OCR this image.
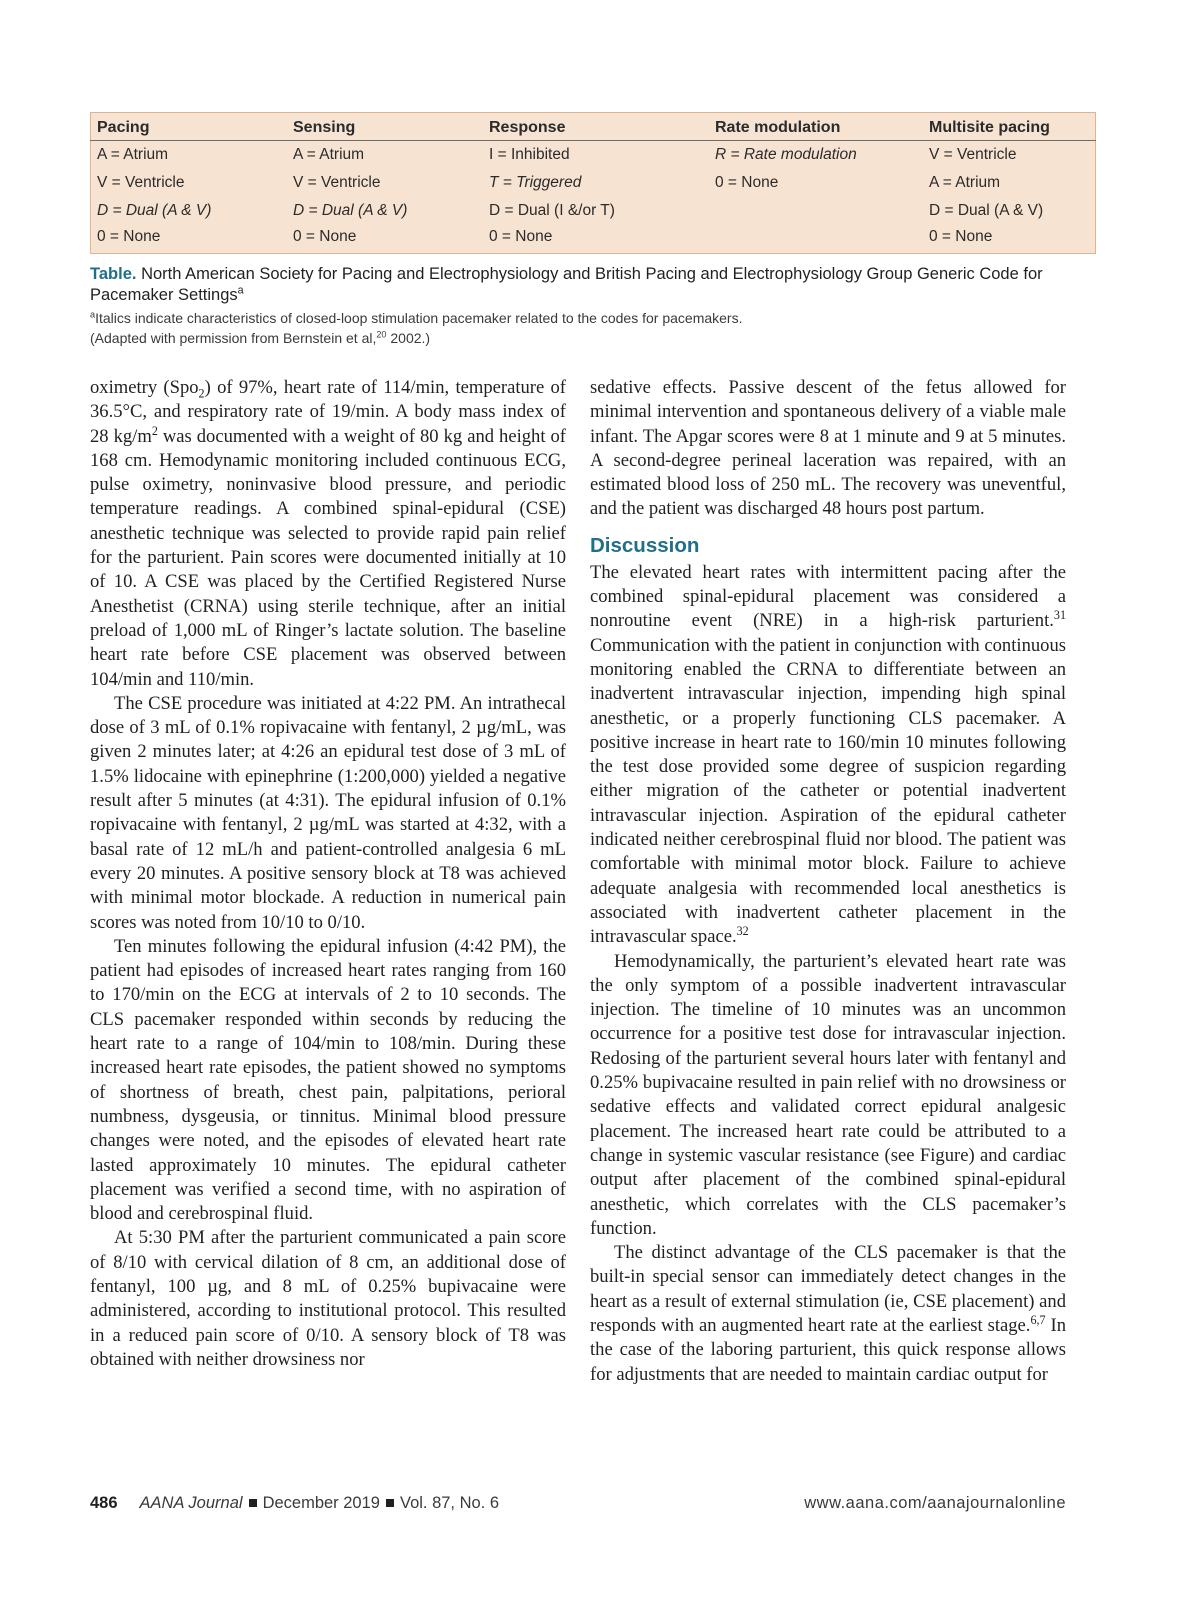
Pacing	Sensing	Response	Rate modulation	Multisite pacing
A = Atrium	A = Atrium	I = Inhibited	R = Rate modulation	V = Ventricle
V = Ventricle	V = Ventricle	T = Triggered	0 = None	A = Atrium
D = Dual (A & V)	D = Dual (A & V)	D = Dual (I &/or T)		D = Dual (A & V)
0 = None	0 = None	0 = None		0 = None
Table. North American Society for Pacing and Electrophysiology and British Pacing and Electrophysiology Group Generic Code for Pacemaker Settings$^a$
$^a$Italics indicate characteristics of closed-loop stimulation pacemaker related to the codes for pacemakers.
(Adapted with permission from Bernstein et al,$^{20}$ 2002.)

oximetry (Spo$_2$) of 97%, heart rate of 114/min, temperature of 36.5°C, and respiratory rate of 19/min. A body mass index of 28 $kg/m^2$ was documented with a weight of 80 kg and height of 168 cm. Hemodynamic monitoring included continuous ECG, pulse oximetry, noninvasive blood pressure, and periodic temperature readings. A combined spinal-epidural (CSE) anesthetic technique was selected to provide rapid pain relief for the parturient. Pain scores were documented initially at 10 of 10. A CSE was placed by the Certified Registered Nurse Anesthetist (CRNA) using sterile technique, after an initial preload of 1,000 mL of Ringer’s lactate solution. The baseline heart rate before CSE placement was observed between 104/min and 110/min.

The CSE procedure was initiated at 4:22 PM. An intrathecal dose of 3 mL of 0.1% ropivacaine with fentanyl, 2 µg/mL, was given 2 minutes later; at 4:26 an epidural test dose of 3 mL of 1.5% lidocaine with epinephrine (1:200,000) yielded a negative result after 5 minutes (at 4:31). The epidural infusion of 0.1% ropivacaine with fentanyl, 2 µg/mL was started at 4:32, with a basal rate of 12 mL/h and patient-controlled analgesia 6 mL every 20 minutes. A positive sensory block at T8 was achieved with minimal motor blockade. A reduction in numerical pain scores was noted from 10/10 to 0/10.

Ten minutes following the epidural infusion (4:42 PM), the patient had episodes of increased heart rates ranging from 160 to 170/min on the ECG at intervals of 2 to 10 seconds. The CLS pacemaker responded within seconds by reducing the heart rate to a range of 104/min to 108/min. During these increased heart rate episodes, the patient showed no symptoms of shortness of breath, chest pain, palpitations, perioral numbness, dysgeusia, or tinnitus. Minimal blood pressure changes were noted, and the episodes of elevated heart rate lasted approximately 10 minutes. The epidural catheter placement was verified a second time, with no aspiration of blood and cerebrospinal fluid.

At 5:30 PM after the parturient communicated a pain score of 8/10 with cervical dilation of 8 cm, an additional dose of fentanyl, 100 µg, and 8 mL of 0.25% bupivacaine were administered, according to institutional protocol. This resulted in a reduced pain score of 0/10. A sensory block of T8 was obtained with neither drowsiness nor

sedative effects. Passive descent of the fetus allowed for minimal intervention and spontaneous delivery of a viable male infant. The Apgar scores were 8 at 1 minute and 9 at 5 minutes. A second-degree perineal laceration was repaired, with an estimated blood loss of 250 mL. The recovery was uneventful, and the patient was discharged 48 hours post partum.

Discussion

The elevated heart rates with intermittent pacing after the combined spinal-epidural placement was considered a nonroutine event (NRE) in a high-risk parturient.$^{31}$ Communication with the patient in conjunction with continuous monitoring enabled the CRNA to differentiate between an inadvertent intravascular injection, impending high spinal anesthetic, or a properly functioning CLS pacemaker. A positive increase in heart rate to 160/min 10 minutes following the test dose provided some degree of suspicion regarding either migration of the catheter or potential inadvertent intravascular injection. Aspiration of the epidural catheter indicated neither cerebrospinal fluid nor blood. The patient was comfortable with minimal motor block. Failure to achieve adequate analgesia with recommended local anesthetics is associated with inadvertent catheter placement in the intravascular space.$^{32}$

Hemodynamically, the parturient’s elevated heart rate was the only symptom of a possible inadvertent intravascular injection. The timeline of 10 minutes was an uncommon occurrence for a positive test dose for intravascular injection. Redosing of the parturient several hours later with fentanyl and 0.25% bupivacaine resulted in pain relief with no drowsiness or sedative effects and validated correct epidural analgesic placement. The increased heart rate could be attributed to a change in systemic vascular resistance (see Figure) and cardiac output after placement of the combined spinal-epidural anesthetic, which correlates with the CLS pacemaker’s function.

The distinct advantage of the CLS pacemaker is that the built-in special sensor can immediately detect changes in the heart as a result of external stimulation (ie, CSE placement) and responds with an augmented heart rate at the earliest stage.$^{6,7}$ In the case of the laboring parturient, this quick response allows for adjustments that are needed to maintain cardiac output for

486 AANA Journal December 2019 Vol. 87, No. 6	www.aana.com/aanajournalonline
